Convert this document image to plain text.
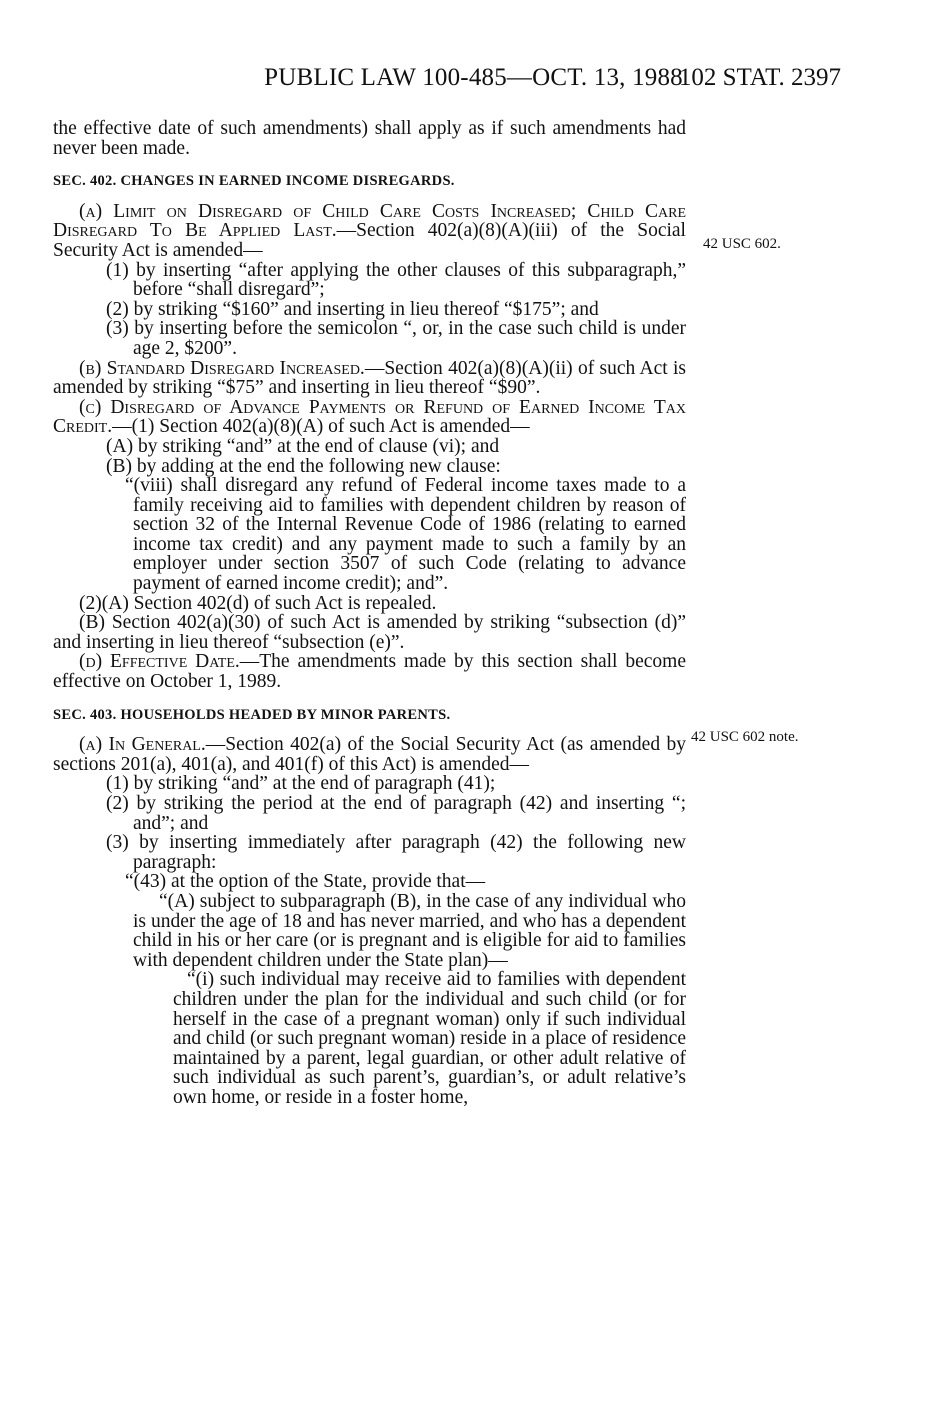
PUBLIC LAW 100-485—OCT. 13, 1988
102 STAT. 2397
42 USC 602.
42 USC 602 note.

the effective date of such amendments) shall apply as if such amendments had never been made.

SEC. 402. CHANGES IN EARNED INCOME DISREGARDS.

(a) Limit on Disregard of Child Care Costs Increased; Child Care Disregard To Be Applied Last.—Section 402(a)(8)(A)(iii) of the Social Security Act is amended—

(1) by inserting “after applying the other clauses of this subparagraph,” before “shall disregard”;

(2) by striking “$160” and inserting in lieu thereof “$175”; and

(3) by inserting before the semicolon “, or, in the case such child is under age 2, $200”.

(b) Standard Disregard Increased.—Section 402(a)(8)(A)(ii) of such Act is amended by striking “$75” and inserting in lieu thereof “$90”.

(c) Disregard of Advance Payments or Refund of Earned Income Tax Credit.—(1) Section 402(a)(8)(A) of such Act is amended—

(A) by striking “and” at the end of clause (vi); and

(B) by adding at the end the following new clause:

“(viii) shall disregard any refund of Federal income taxes made to a family receiving aid to families with dependent children by reason of section 32 of the Internal Revenue Code of 1986 (relating to earned income tax credit) and any payment made to such a family by an employer under section 3507 of such Code (relating to advance payment of earned income credit); and”.

(2)(A) Section 402(d) of such Act is repealed.

(B) Section 402(a)(30) of such Act is amended by striking “subsection (d)” and inserting in lieu thereof “subsection (e)”.

(d) Effective Date.—The amendments made by this section shall become effective on October 1, 1989.

SEC. 403. HOUSEHOLDS HEADED BY MINOR PARENTS.

(a) In General.—Section 402(a) of the Social Security Act (as amended by sections 201(a), 401(a), and 401(f) of this Act) is amended—

(1) by striking “and” at the end of paragraph (41);

(2) by striking the period at the end of paragraph (42) and inserting “; and”; and

(3) by inserting immediately after paragraph (42) the following new paragraph:

“(43) at the option of the State, provide that—

“(A) subject to subparagraph (B), in the case of any individual who is under the age of 18 and has never married, and who has a dependent child in his or her care (or is pregnant and is eligible for aid to families with dependent children under the State plan)—

“(i) such individual may receive aid to families with dependent children under the plan for the individual and such child (or for herself in the case of a pregnant woman) only if such individual and child (or such pregnant woman) reside in a place of residence maintained by a parent, legal guardian, or other adult relative of such individual as such parent’s, guardian’s, or adult relative’s own home, or reside in a foster home,
